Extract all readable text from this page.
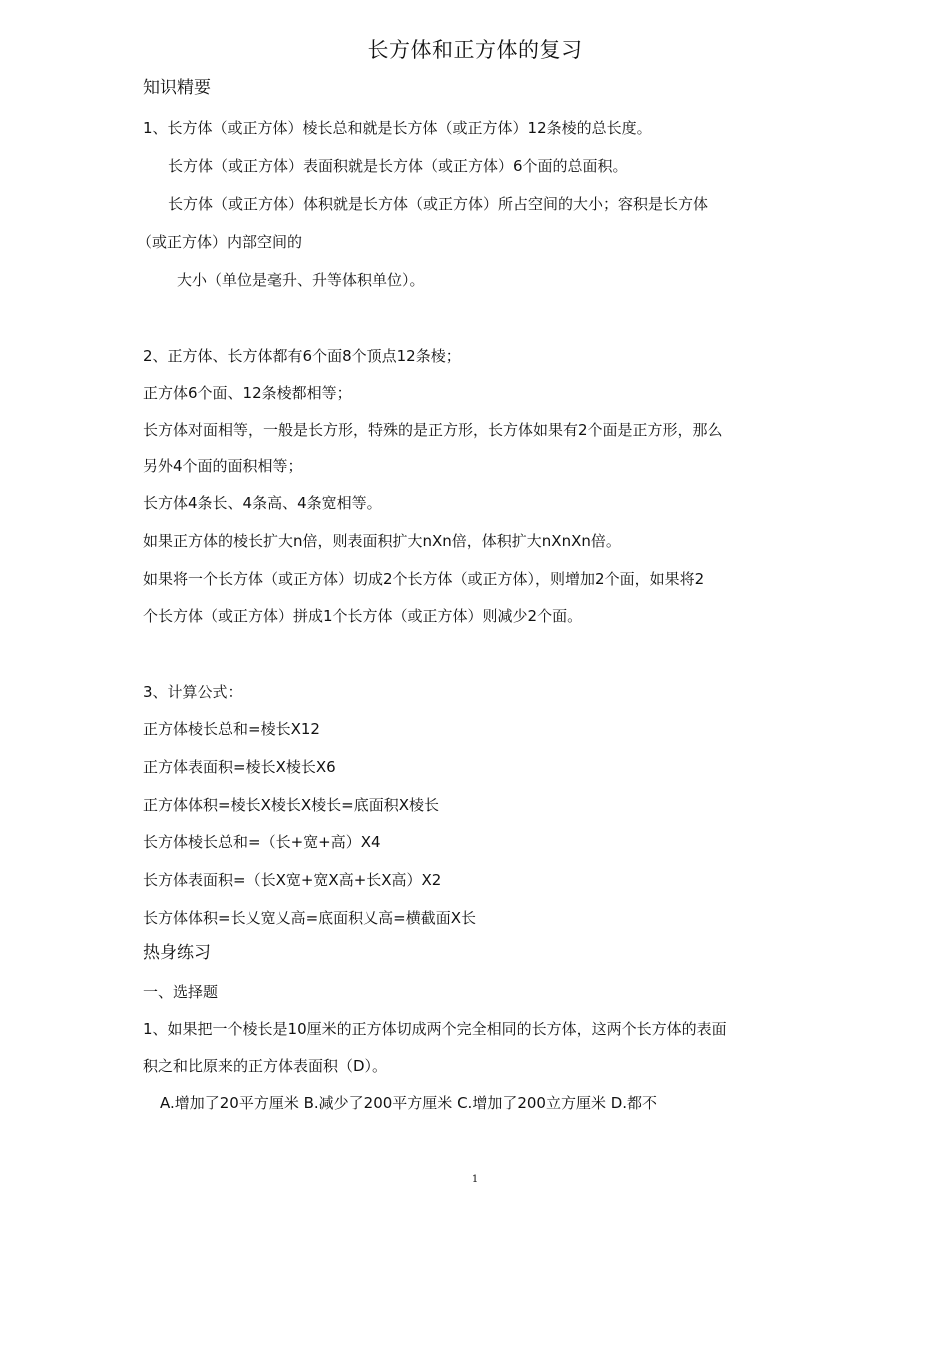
长方体和正方体的复习
知识精要
1、长方体（或正方体）棱长总和就是长方体（或正方体）12条棱的总长度。
长方体（或正方体）表面积就是长方体（或正方体）6个面的总面积。
长方体（或正方体）体积就是长方体（或正方体）所占空间的大小；容积是长方体
（或正方体）内部空间的
大小（单位是毫升、升等体积单位）。
2、正方体、长方体都有6个面8个顶点12条棱；
正方体6个面、12条棱都相等；
长方体对面相等，一般是长方形，特殊的是正方形，长方体如果有2个面是正方形，那么
另外4个面的面积相等；
长方体4条长、4条高、4条宽相等。
如果正方体的棱长扩大n倍，则表面积扩大nXn倍，体积扩大nXnXn倍。
如果将一个长方体（或正方体）切成2个长方体（或正方体），则增加2个面，如果将2
个长方体（或正方体）拼成1个长方体（或正方体）则减少2个面。
3、计算公式：
正方体棱长总和=棱长X12
正方体表面积=棱长X棱长X6
正方体体积=棱长X棱长X棱长=底面积X棱长
长方体棱长总和=（长+宽+高）X4
长方体表面积=（长X宽+宽X高+长X高）X2
长方体体积=长乂宽乂高=底面积乂高=横截面X长
热身练习
一、选择题
1、如果把一个棱长是10厘米的正方体切成两个完全相同的长方体，这两个长方体的表面
积之和比原来的正方体表面积（D）。
A.增加了20平方厘米 B.减少了200平方厘米 C.增加了200立方厘米 D.都不
1
